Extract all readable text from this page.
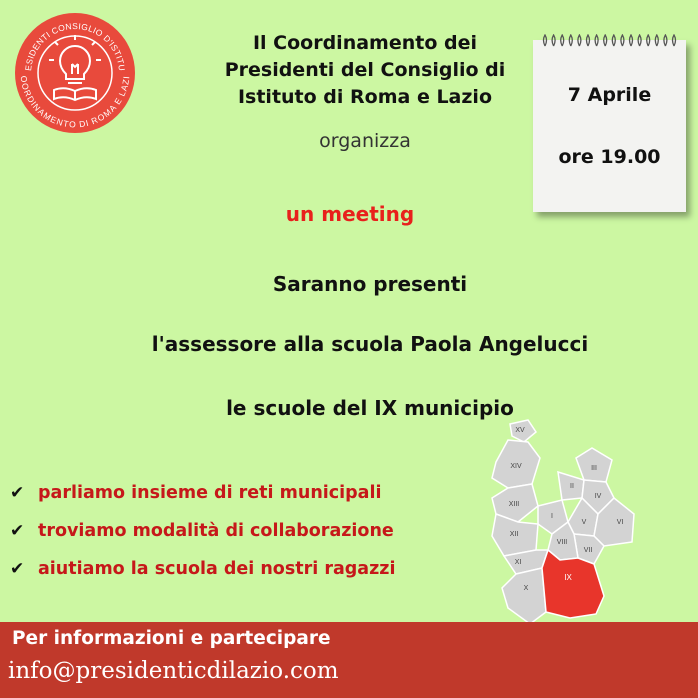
ESIDENTI CONSIGLIO D'ISTITU
OORDINAMENTO DI ROMA E LAZI
Il Coordinamento dei
Presidenti del Consiglio di
Istituto di Roma e Lazio
organizza
7 Aprile
ore 19.00
un meeting
Saranno presenti
l'assessore alla scuola Paola Angelucci
le scuole del IX municipio
✔ parliamo insieme di reti municipali
✔ troviamo modalità di collaborazione
✔ aiutiamo la scuola dei nostri ragazzi
XV
XIV	III
II
IV
XIII
I
V	VI
XII
VII
VIII
XI
IX
X
Per informazioni e partecipare
info@presidenticdilazio.com
